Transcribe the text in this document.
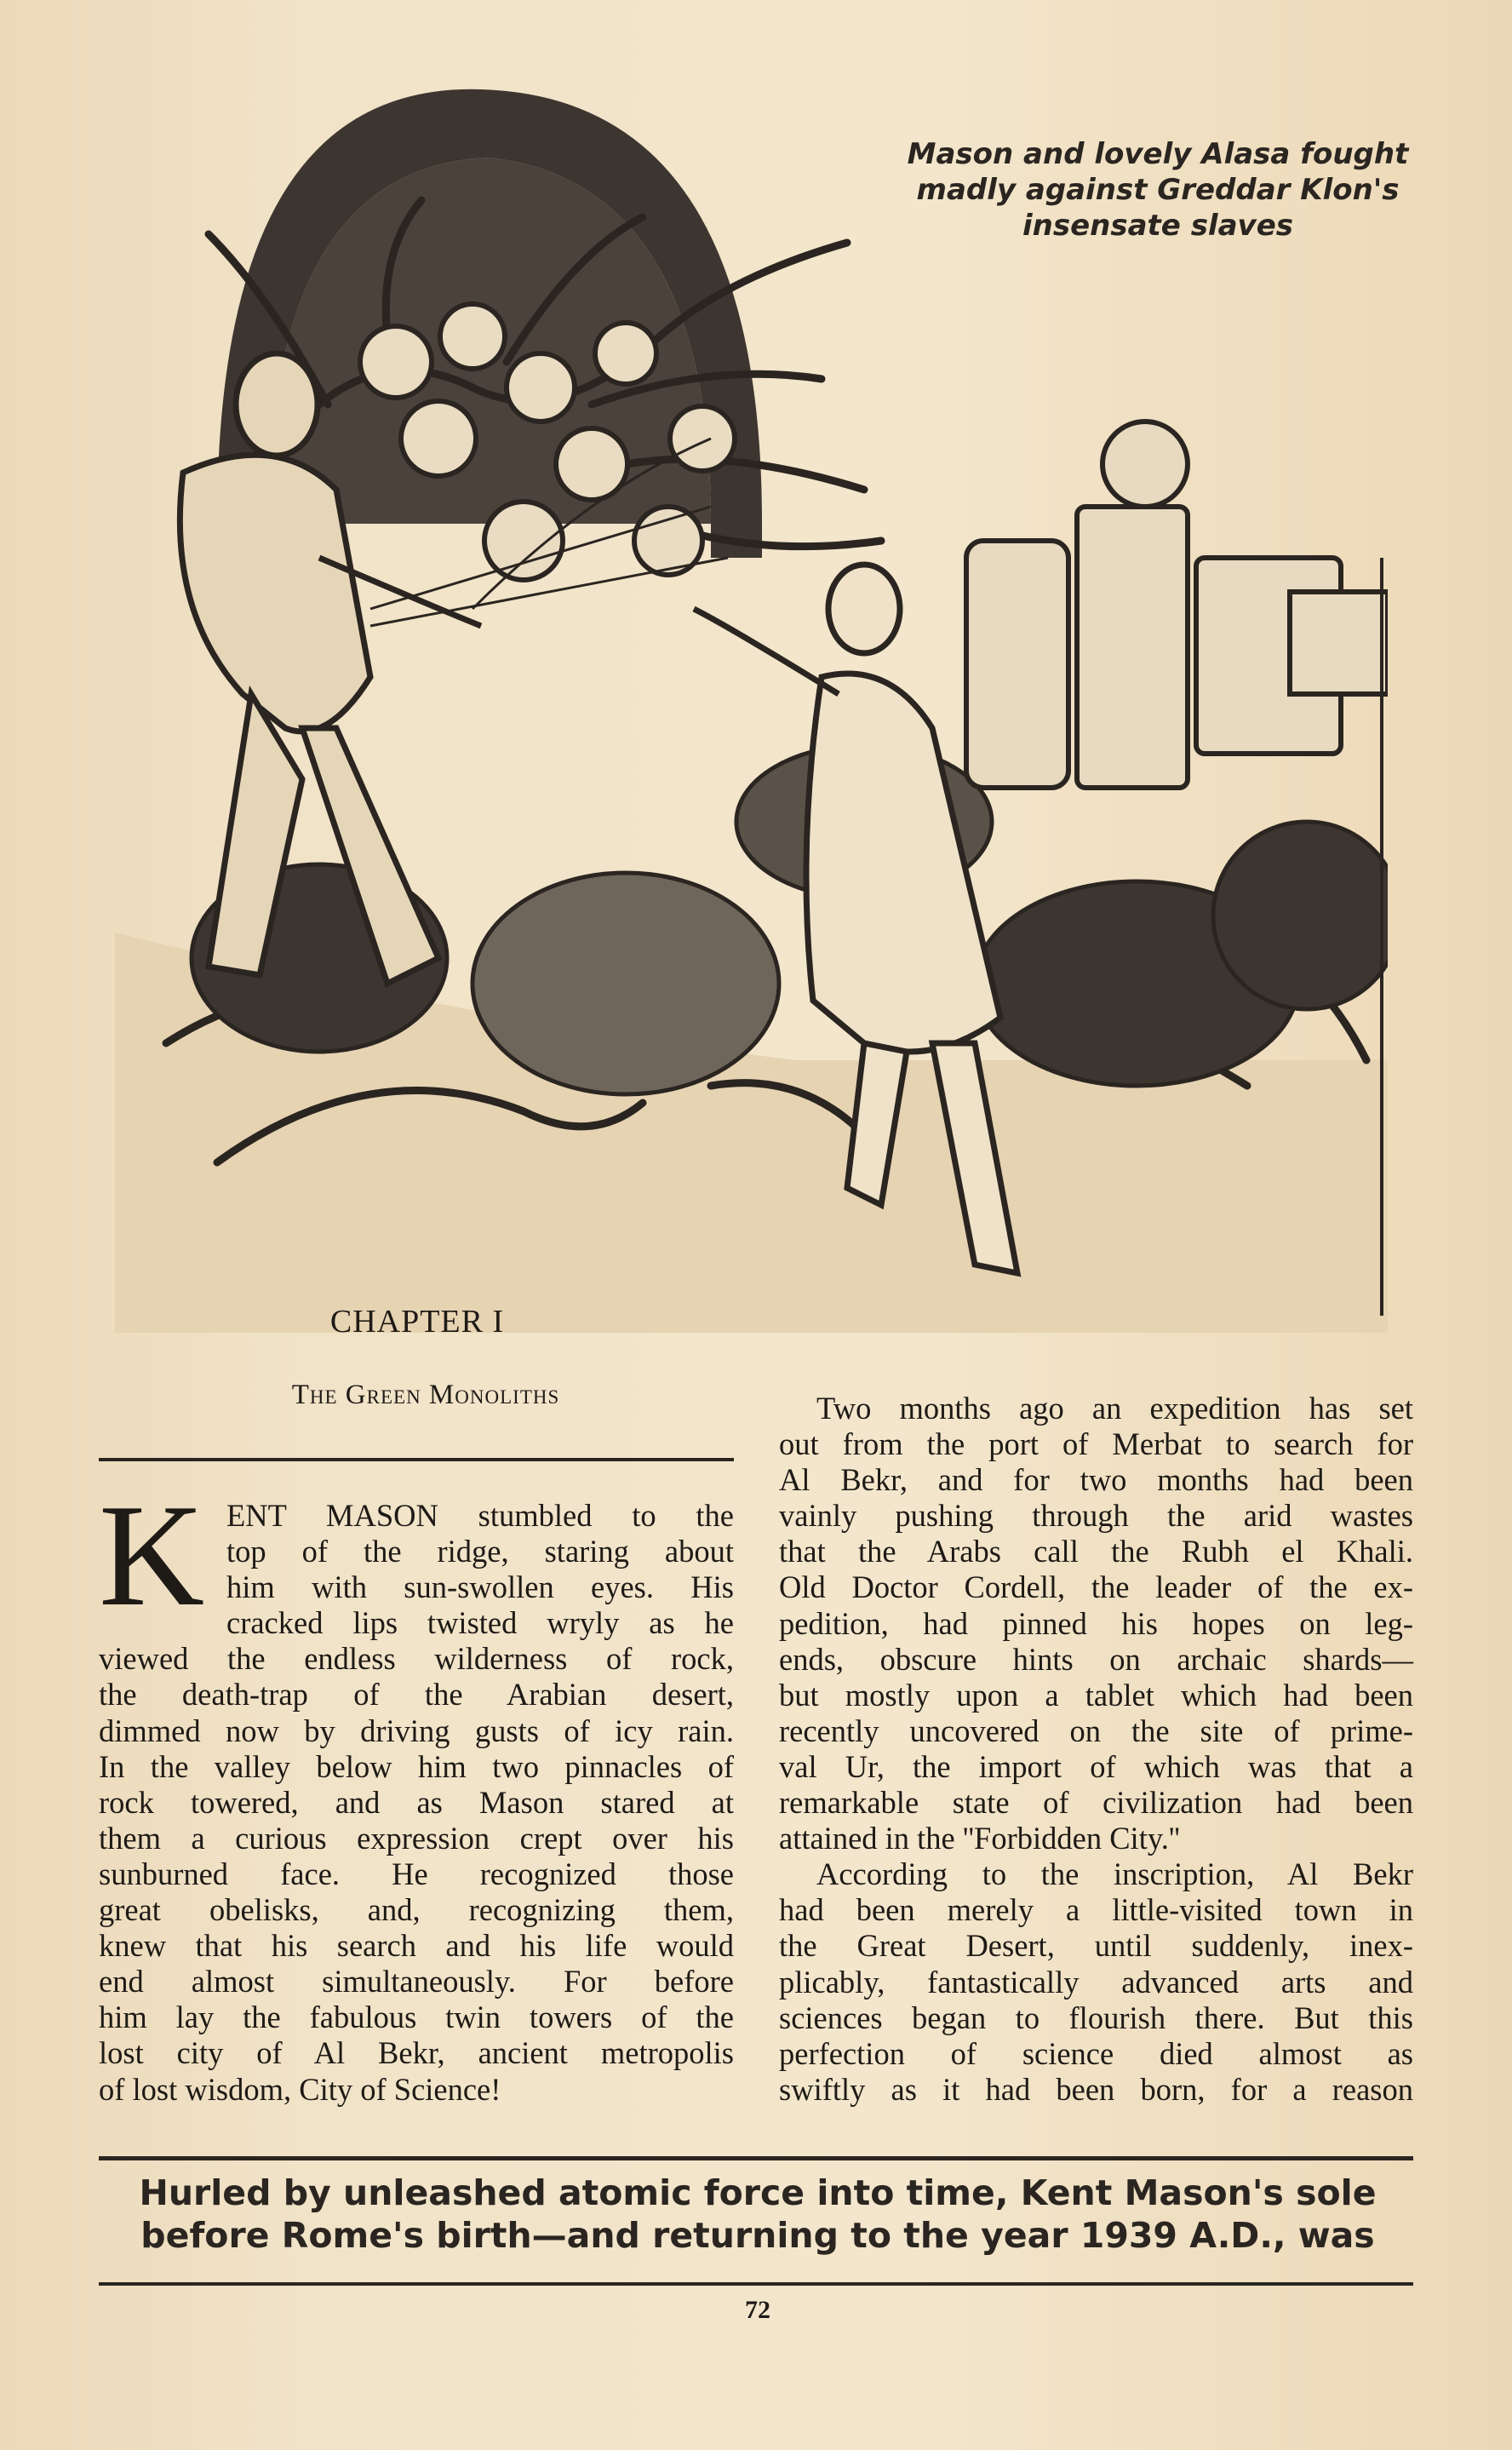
Mason and lovely Alasa fought
madly against Greddar Klon's
insensate slaves
CHAPTER I
The Green Monoliths
K ENT MASON stumbled to the
top of the ridge, staring about
him with sun-swollen eyes. His
cracked lips twisted wryly as he
viewed the endless wilderness of rock,
the death-trap of the Arabian desert,
dimmed now by driving gusts of icy rain.
In the valley below him two pinnacles of
rock towered, and as Mason stared at
them a curious expression crept over his
sunburned face. He recognized those
great obelisks, and, recognizing them,
knew that his search and his life would
end almost simultaneously. For before
him lay the fabulous twin towers of the
lost city of Al Bekr, ancient metropolis
of lost wisdom, City of Science!
Two months ago an expedition has set
out from the port of Merbat to search for
Al Bekr, and for two months had been
vainly pushing through the arid wastes
that the Arabs call the Rubh el Khali.
Old Doctor Cordell, the leader of the ex-
pedition, had pinned his hopes on leg-
ends, obscure hints on archaic shards—
but mostly upon a tablet which had been
recently uncovered on the site of prime-
val Ur, the import of which was that a
remarkable state of civilization had been
attained in the ''Forbidden City.''
According to the inscription, Al Bekr
had been merely a little-visited town in
the Great Desert, until suddenly, inex-
plicably, fantastically advanced arts and
sciences began to flourish there. But this
perfection of science died almost as
swiftly as it had been born, for a reason
Hurled by unleashed atomic force into time, Kent Mason's sole
before Rome's birth—and returning to the year 1939 A.D., was
72
